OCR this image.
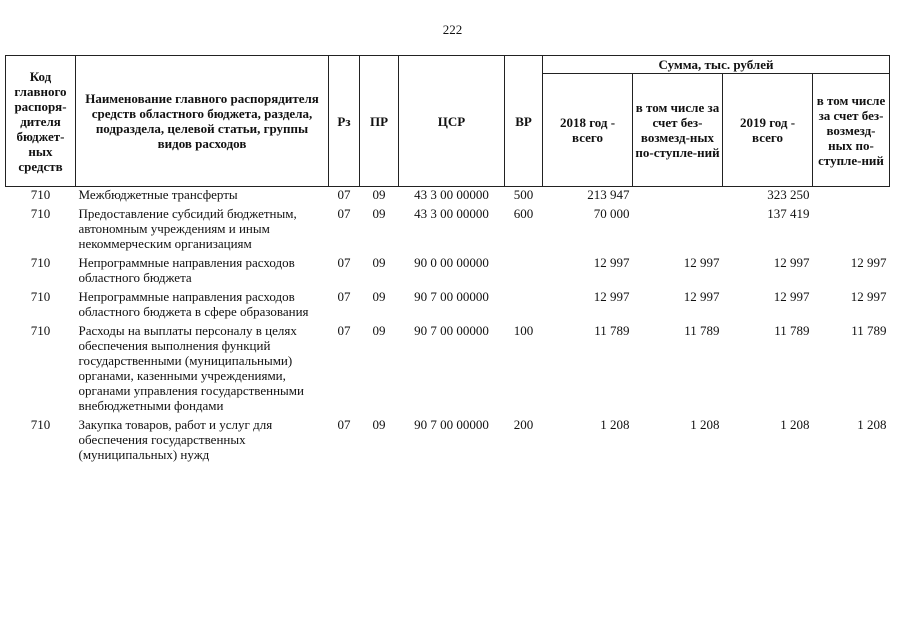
222
Код главного распоря-дителя бюджет-ных средств	Наименование главного распорядителя средств областного бюджета, раздела, подраздела, целевой статьи, группы видов расходов	Рз	ПР	ЦСР	ВР	Сумма, тыс. рублей			
						2018 год - всего	в том числе за счет без-возмезд-ных по-ступле-ний	2019 год - всего	в том числе за счет без-возмезд-ных по-ступле-ний
710	Межбюджетные трансферты	07	09	43 3 00 00000	500	213 947		323 250	
710	Предоставление субсидий бюджетным, автономным учреждениям и иным некоммерческим организациям	07	09	43 3 00 00000	600	70 000		137 419	
710	Непрограммные направления расходов областного бюджета	07	09	90 0 00 00000		12 997	12 997	12 997	12 997
710	Непрограммные направления расходов областного бюджета в сфере образования	07	09	90 7 00 00000		12 997	12 997	12 997	12 997
710	Расходы на выплаты персоналу в целях обеспечения выполнения функций государственными (муниципальными) органами, казенными учреждениями, органами управления государственными внебюджетными фондами	07	09	90 7 00 00000	100	11 789	11 789	11 789	11 789
710	Закупка товаров, работ и услуг для обеспечения государственных (муниципальных) нужд	07	09	90 7 00 00000	200	1 208	1 208	1 208	1 208
